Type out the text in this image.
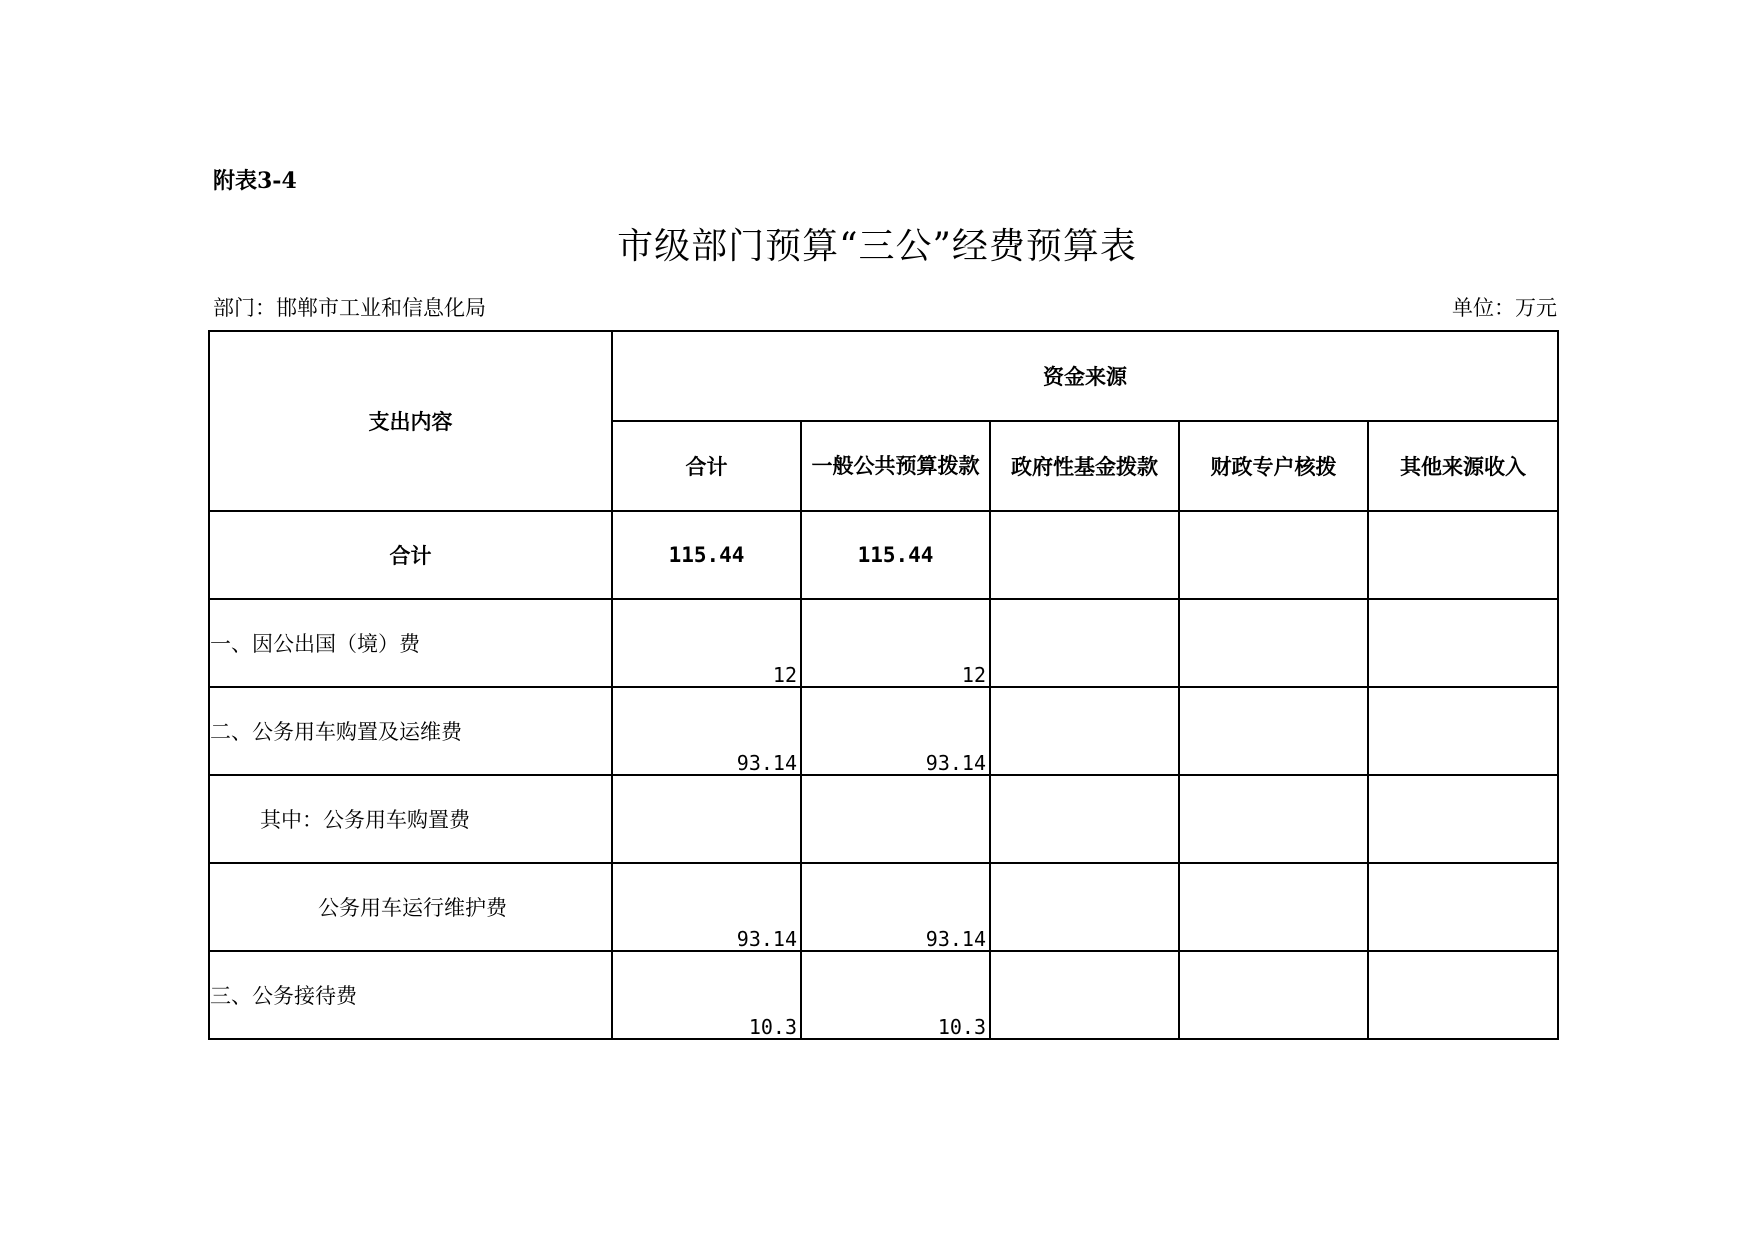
附表3-4
市级部门预算“三公”经费预算表
部门：邯郸市工业和信息化局	单位：万元
支出内容	资金来源				
	合计	一般公共预算拨款	政府性基金拨款	财政专户核拨	其他来源收入
合计	115.44	115.44			
一、因公出国（境）费	12	12			
二、公务用车购置及运维费	93.14	93.14			
其中：公务用车购置费					
公务用车运行维护费	93.14	93.14			
三、公务接待费	10.3	10.3			
